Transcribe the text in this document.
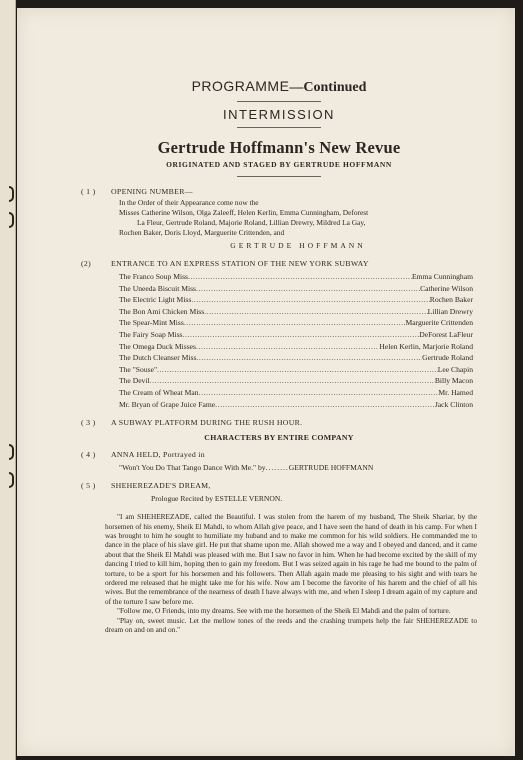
PROGRAMME—Continued
INTERMISSION
Gertrude Hoffmann's New Revue
ORIGINATED AND STAGED BY GERTRUDE HOFFMANN
( 1 ) OPENING NUMBER—
In the Order of their Appearance come now the
Misses Catherine Wilson, Olga Zaleeff, Helen Kerlin, Emma Cunningham, Deforest
La Fleur, Gertrude Roland, Majorie Roland, Lillian Drewry, Mildred La Gay,
Rochen Baker, Doris Lloyd, Marguerite Crittenden, and
GERTRUDE HOFFMANN
(2)	ENTRANCE TO AN EXPRESS STATION OF THE NEW YORK SUBWAY
The Franco Soup Miss .....	Emma Cunningham
The Uneeda Biscuit Miss .....	Catherine Wilson
The Electric Light Miss .....	Rochen Baker
The Bon Ami Chicken Miss .....	Lillian Drewry
The Spear-Mint Miss .....	Marguerite Crittenden
The Fairy Soap Miss .....	DeForest LaFleur
The Omega Duck Misses .....	Helen Kerlin, Marjorie Roland
The Dutch Cleanser Miss .....	Gertrude Roland
The "Souse" .....	Lee Chapin
The Devil .....	Billy Macon
The Cream of Wheat Man .....	Mr. Hamed
Mr. Bryan of Grape Juice Fame .....	Jack Clinton
( 3 ) A SUBWAY PLATFORM DURING THE RUSH HOUR.
CHARACTERS BY ENTIRE COMPANY
( 4 ) ANNA HELD, Portrayed in
"Won't You Do That Tango Dance With Me." by........GERTRUDE HOFFMANN
( 5 ) SHEHEREZADE'S DREAM,
Prologue Recited by ESTELLE VERNON.

"I am SHEHEREZADE, called the Beautiful. I was stolen from the harem of my husband, The Sheik Shariar, by the horsemen of his enemy, Sheik El Mahdi, to whom Allah give peace, and I have seen the hand of death in his camp. For when I was brought to him he sought to humiliate my huband and to make me common for his wild soldiers. He commanded me to dance in the place of his slave girl. He put that shame upon me. Allah showed me a way and I obeyed and danced, and it came about that the Sheik El Mahdi was pleased with me. But I saw no favor in him. When he had become excited by the skill of my dancing I tried to kill him, hoping then to gain my freedom. But I was seized again in his rage he had me bound to the palm of torture, to be a sport for his horsemen and his followers. Then Allah again made me pleasing to his sight and with tears he ordered me released that he might take me for his wife. Now am I become the favorite of his harem and the chief of all his wives. But the remembrance of the nearness of death I have always with me, and when I sleep I dream again of my capture and of the torture I saw before me.

"Follow me, O Friends, into my dreams. See with me the horsemen of the Sheik El Mahdi and the palm of torture.

"Play on, sweet music. Let the mellow tones of the reeds and the crashing trumpets help the fair SHEHEREZADE to dream on and on and on."
